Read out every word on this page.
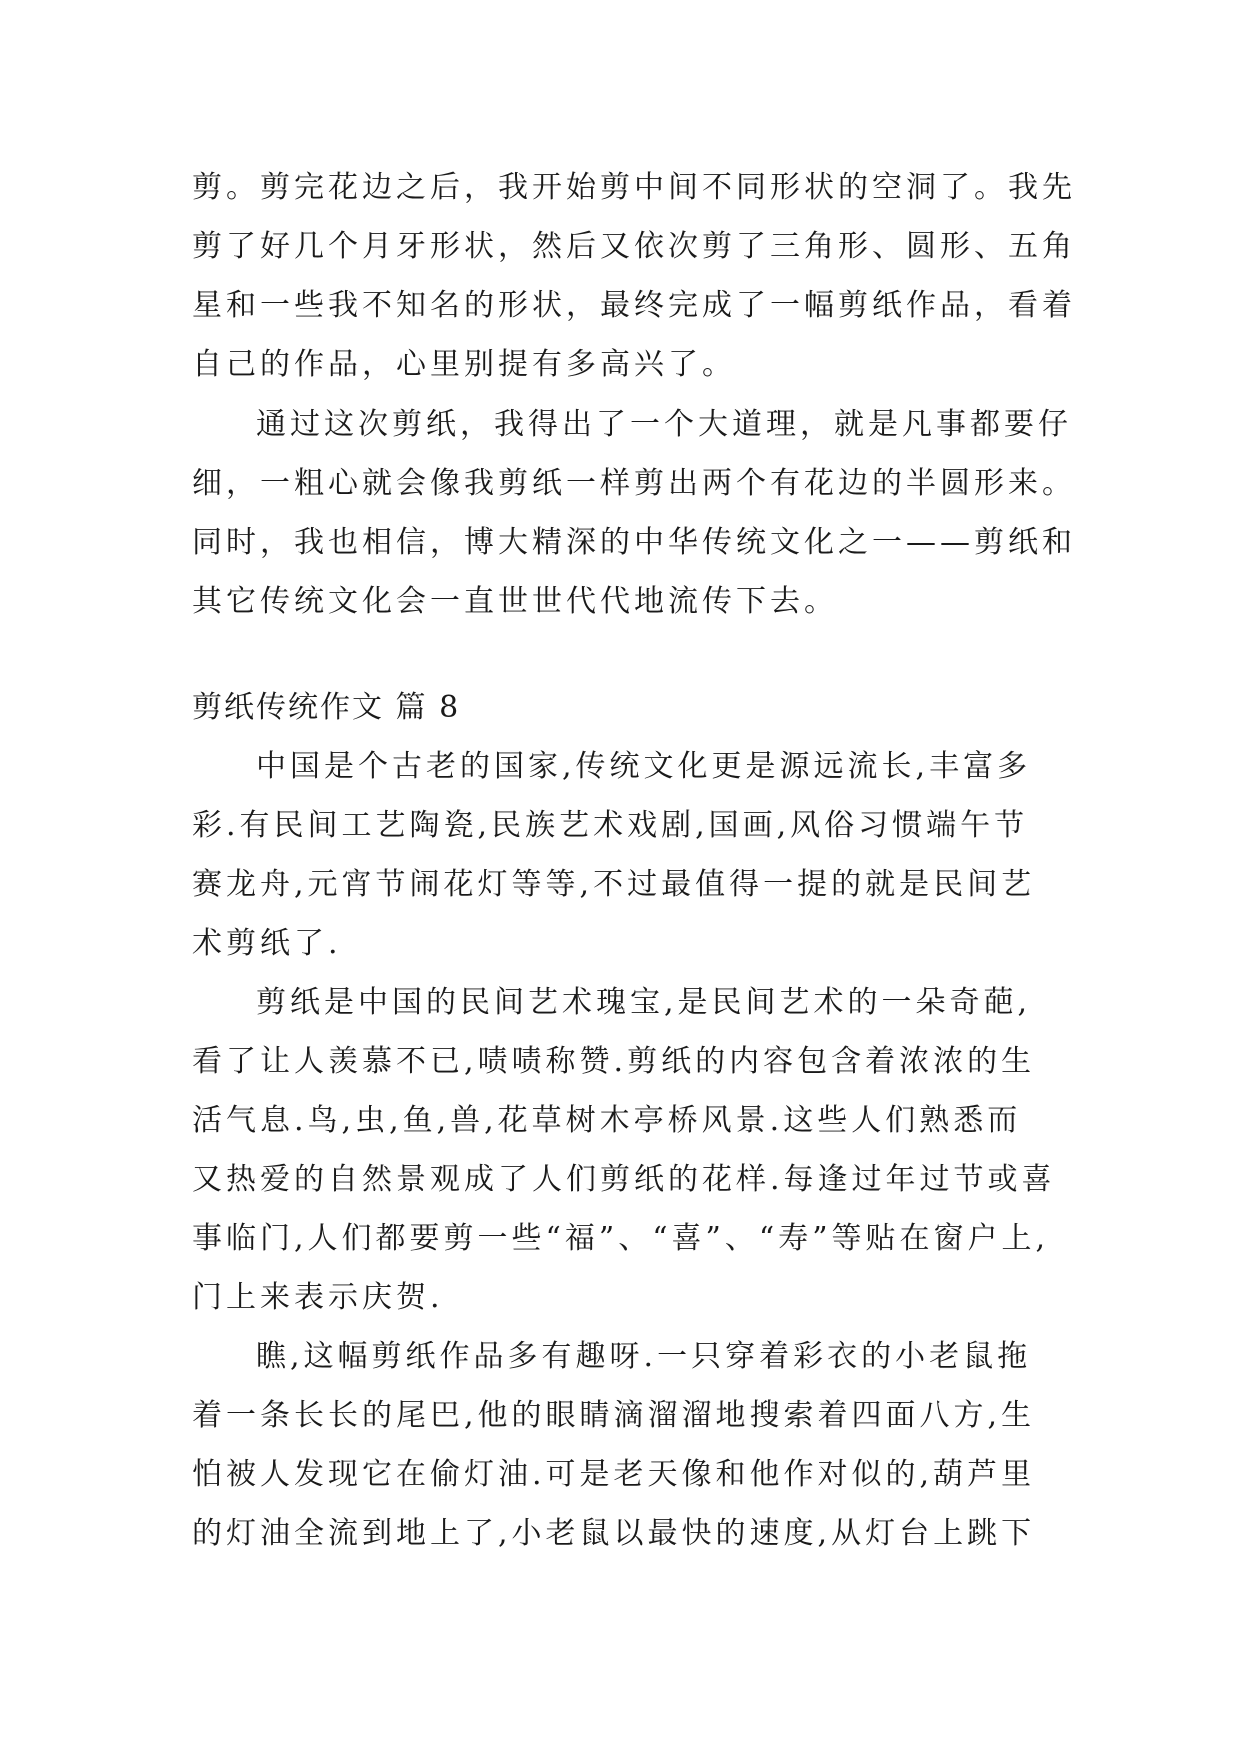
剪。剪完花边之后，我开始剪中间不同形状的空洞了。我先
剪了好几个月牙形状，然后又依次剪了三角形、圆形、五角
星和一些我不知名的形状，最终完成了一幅剪纸作品，看着
自己的作品，心里别提有多高兴了。
通过这次剪纸，我得出了一个大道理，就是凡事都要仔
细，一粗心就会像我剪纸一样剪出两个有花边的半圆形来。
同时，我也相信，博大精深的中华传统文化之一——剪纸和
其它传统文化会一直世世代代地流传下去。
剪纸传统作文 篇 8
中国是个古老的国家,传统文化更是源远流长,丰富多
彩.有民间工艺陶瓷,民族艺术戏剧,国画,风俗习惯端午节
赛龙舟,元宵节闹花灯等等,不过最值得一提的就是民间艺
术剪纸了.
剪纸是中国的民间艺术瑰宝,是民间艺术的一朵奇葩,
看了让人羡慕不已,啧啧称赞.剪纸的内容包含着浓浓的生
活气息.鸟,虫,鱼,兽,花草树木亭桥风景.这些人们熟悉而
又热爱的自然景观成了人们剪纸的花样.每逢过年过节或喜
事临门,人们都要剪一些“福”、“喜”、“寿”等贴在窗户上,
门上来表示庆贺.
瞧,这幅剪纸作品多有趣呀.一只穿着彩衣的小老鼠拖
着一条长长的尾巴,他的眼睛滴溜溜地搜索着四面八方,生
怕被人发现它在偷灯油.可是老天像和他作对似的,葫芦里
的灯油全流到地上了,小老鼠以最快的速度,从灯台上跳下
